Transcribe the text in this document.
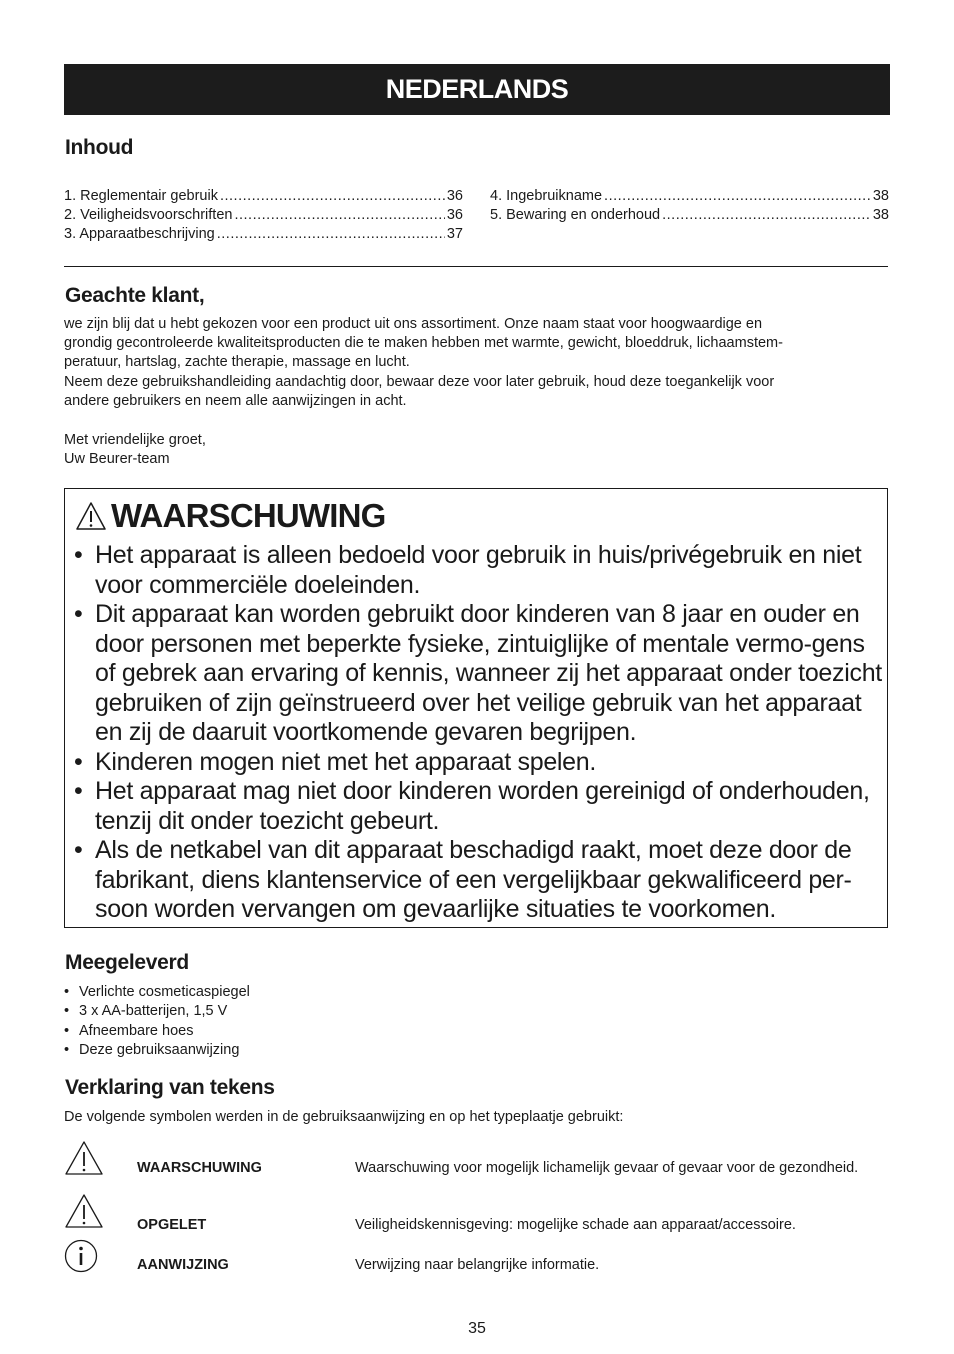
NEDERLANDS
Inhoud
1. Reglementair gebruik .....	36
2. Veiligheidsvoorschriften .....	36
3. Apparaatbeschrijving .....	37
4. Ingebruikname .....	38
5. Bewaring en onderhoud .....	38
Geachte klant,
we zijn blij dat u hebt gekozen voor een product uit ons assortiment. Onze naam staat voor hoogwaardige en
grondig gecontroleerde kwaliteitsproducten die te maken hebben met warmte, gewicht, bloeddruk, lichaamstem-
peratuur, hartslag, zachte therapie, massage en lucht.
Neem deze gebruikshandleiding aandachtig door, bewaar deze voor later gebruik, houd deze toegankelijk voor
andere gebruikers en neem alle aanwijzingen in acht.
Met vriendelijke groet,
Uw Beurer-team
WAARSCHUWING
• Het apparaat is alleen bedoeld voor gebruik in huis/privégebruik en niet voor commerciële doeleinden.
• Dit apparaat kan worden gebruikt door kinderen van 8 jaar en ouder en door personen met beperkte fysieke, zintuiglijke of mentale vermo-gens of gebrek aan ervaring of kennis, wanneer zij het apparaat onder toezicht gebruiken of zijn geïnstrueerd over het veilige gebruik van het apparaat en zij de daaruit voortkomende gevaren begrijpen.
• Kinderen mogen niet met het apparaat spelen.
• Het apparaat mag niet door kinderen worden gereinigd of onderhouden, tenzij dit onder toezicht gebeurt.
• Als de netkabel van dit apparaat beschadigd raakt, moet deze door de fabrikant, diens klantenservice of een vergelijkbaar gekwalificeerd per-soon worden vervangen om gevaarlijke situaties te voorkomen.
Meegeleverd
• Verlichte cosmeticaspiegel
• 3 x AA-batterijen, 1,5 V
• Afneembare hoes
• Deze gebruiksaanwijzing
Verklaring van tekens
De volgende symbolen werden in de gebruiksaanwijzing en op het typeplaatje gebruikt:
WAARSCHUWING	Waarschuwing voor mogelijk lichamelijk gevaar of gevaar voor de gezondheid.
OPGELET	Veiligheidskennisgeving: mogelijke schade aan apparaat/accessoire.
AANWIJZING	Verwijzing naar belangrijke informatie.
35
